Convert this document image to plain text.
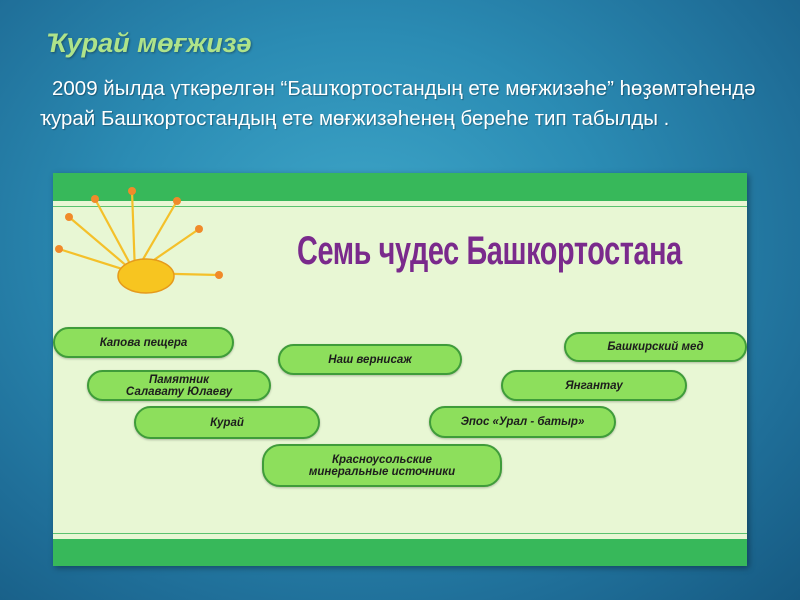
Ҡурай мөғжизә
2009 йылда үткәрелгән “Башҡортостандың ете мөғжизәhе” hөҙөмтәhендә ҡурай Башҡортостандың ете мөғжизәhенең береhе тип табылды .
Семь чудес Башкортостана
Капова пещера
Памятник
Салавату Юлаеву
Курай
Наш вернисаж
Красноусольские
минеральные источники
Башкирский мед
Янгантау
Эпос «Урал - батыр»
